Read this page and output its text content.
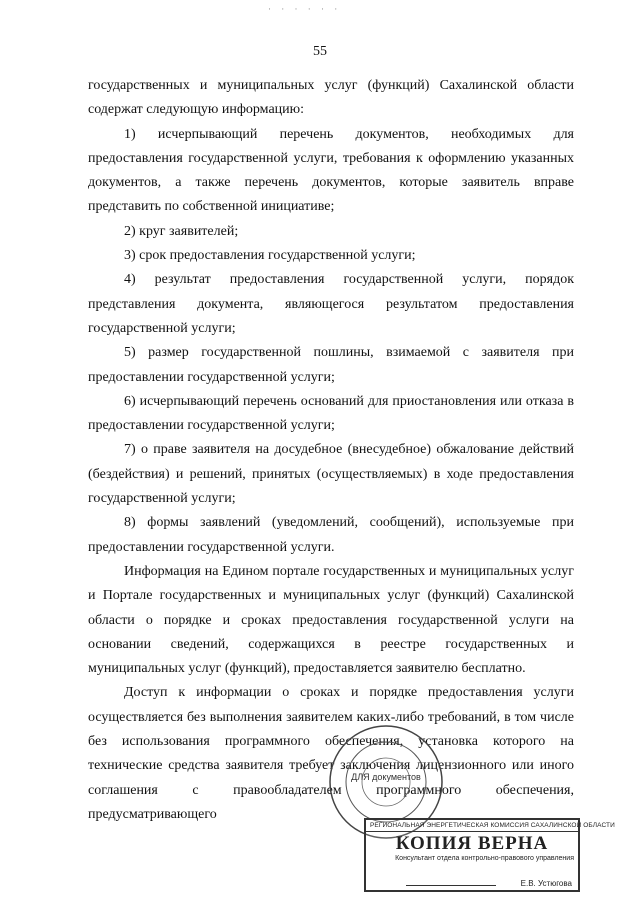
· · · · · ·
55

государственных и муниципальных услуг (функций) Сахалинской области содержат следующую информацию:

1) исчерпывающий перечень документов, необходимых для предоставления государственной услуги, требования к оформлению указанных документов, а также перечень документов, которые заявитель вправе представить по собственной инициативе;

2) круг заявителей;

3) срок предоставления государственной услуги;

4) результат предоставления государственной услуги, порядок представления документа, являющегося результатом предоставления государственной услуги;

5) размер государственной пошлины, взимаемой с заявителя при предоставлении государственной услуги;

6) исчерпывающий перечень оснований для приостановления или отказа в предоставлении государственной услуги;

7) о праве заявителя на досудебное (внесудебное) обжалование действий (бездействия) и решений, принятых (осуществляемых) в ходе предоставления государственной услуги;

8) формы заявлений (уведомлений, сообщений), используемые при предоставлении государственной услуги.

Информация на Едином портале государственных и муниципальных услуг и Портале государственных и муниципальных услуг (функций) Сахалинской области о порядке и сроках предоставления государственной услуги на основании сведений, содержащихся в реестре государственных и муниципальных услуг (функций), предоставляется заявителю бесплатно.

Доступ к информации о сроках и порядке предоставления услуги осуществляется без выполнения заявителем каких-либо требований, в том числе без использования программного обеспечения, установка которого на технические средства заявителя требует заключения лицензионного или иного соглашения с правообладателем программного обеспечения, предусматривающего

ДЛЯ документов
РЕГИОНАЛЬНАЯ ЭНЕРГЕТИЧЕСКАЯ КОМИССИЯ САХАЛИНСКОЙ ОБЛАСТИ
КОПИЯ ВЕРНА
Консультант отдела контрольно-правового управления
Е.В. Устюгова
